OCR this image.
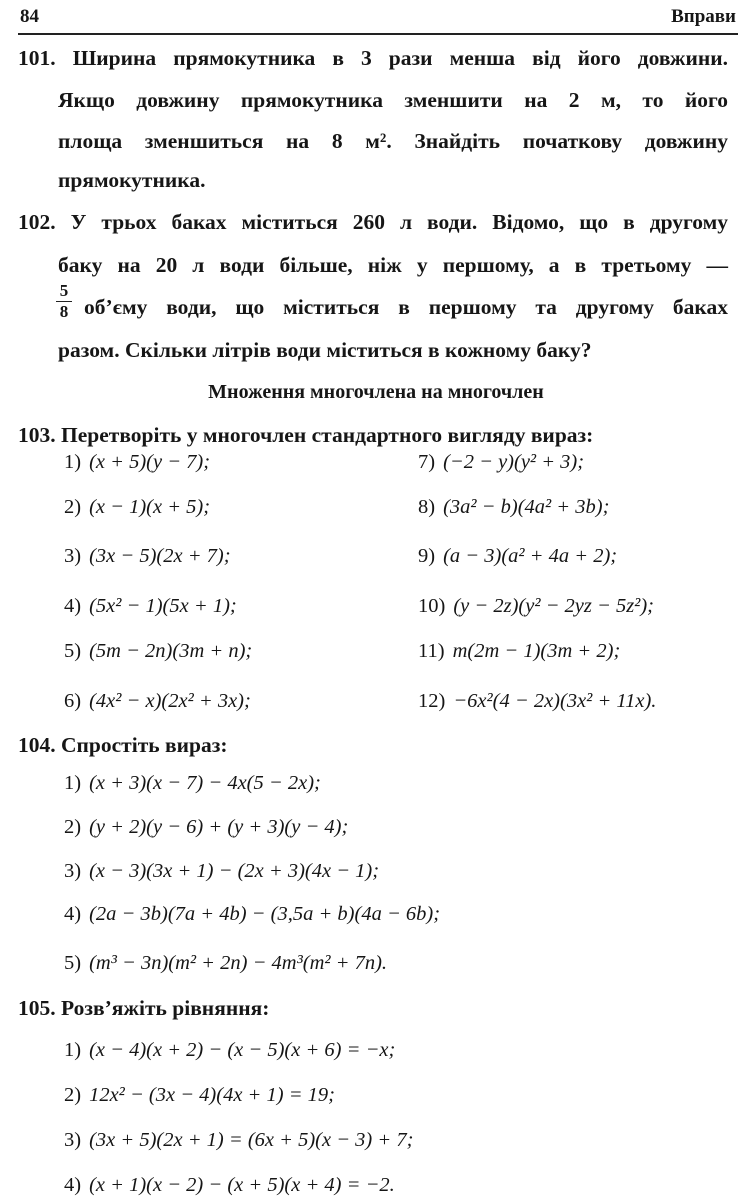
84	Вправи
101. Ширина прямокутника в 3 рази менша від його довжини.
Якщо довжину прямокутника зменшити на 2 м, то його
площа зменшиться на 8 м². Знайдіть початкову довжину
прямокутника.
102. У трьох баках міститься 260 л води. Відомо, що в другому
баку на 20 л води більше, ніж у першому, а в третьому —
5
8 об’єму води, що міститься в першому та другому баках
разом. Скільки літрів води міститься в кожному баку?
Множення многочлена на многочлен
103. Перетворіть у многочлен стандартного вигляду вираз:
1) (x + 5)(y − 7);	7) (−2 − y)(y² + 3);
2) (x − 1)(x + 5);	8) (3a² − b)(4a² + 3b);
3) (3x − 5)(2x + 7);	9) (a − 3)(a² + 4a + 2);
4) (5x² − 1)(5x + 1);	10) (y − 2z)(y² − 2yz − 5z²);
5) (5m − 2n)(3m + n);	11) m(2m − 1)(3m + 2);
6) (4x² − x)(2x² + 3x);	12) −6x²(4 − 2x)(3x² + 11x).
104. Спростіть вираз:
1) (x + 3)(x − 7) − 4x(5 − 2x);
2) (y + 2)(y − 6) + (y + 3)(y − 4);
3) (x − 3)(3x + 1) − (2x + 3)(4x − 1);
4) (2a − 3b)(7a + 4b) − (3,5a + b)(4a − 6b);
5) (m³ − 3n)(m² + 2n) − 4m³(m² + 7n).
105. Розв’яжіть рівняння:
1) (x − 4)(x + 2) − (x − 5)(x + 6) = −x;
2) 12x² − (3x − 4)(4x + 1) = 19;
3) (3x + 5)(2x + 1) = (6x + 5)(x − 3) + 7;
4) (x + 1)(x − 2) − (x + 5)(x + 4) = −2.
